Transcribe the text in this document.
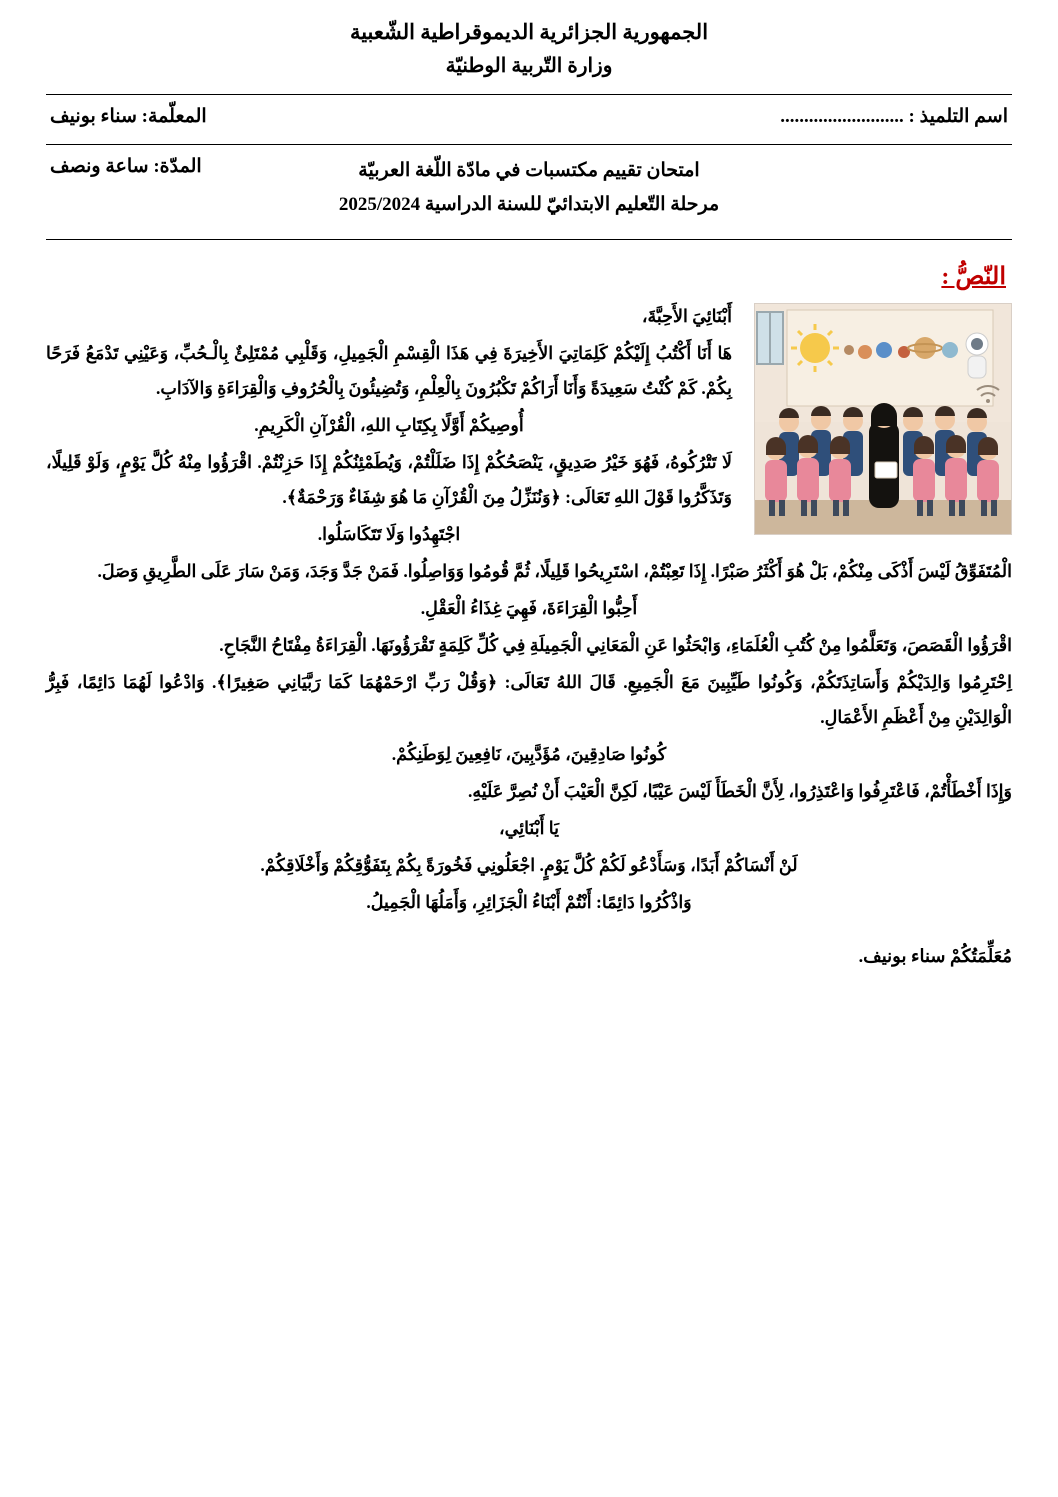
الجمهورية الجزائرية الديموقراطية الشّعبية
وزارة التّربية الوطنيّة
اسم التلميذ : ..........................
المعلّمة: سناء بونيف
المدّة: ساعة ونصف	امتحان تقييم مكتسبات في مادّة اللّغة العربيّة
مرحلة التّعليم الابتدائيّ للسنة الدراسية 2025/2024
النّصُّ :

أَبْنَائِيَ الأَحِبَّةَ،

هَا أَنَا أَكْتُبُ إِلَيْكُمْ كَلِمَاتِيَ الأَخِيرَةَ فِي هَذَا الْقِسْمِ الْجَمِيلِ، وَقَلْبِي مُمْتَلِئٌ بِالْـحُبِّ، وَعَيْنِي تَدْمَعُ فَرَحًا بِكُمْ. كَمْ كُنْتُ سَعِيدَةً وَأَنَا أَرَاكُمْ تَكْبُرُونَ بِالْعِلْمِ، وَتُضِيئُونَ بِالْحُرُوفِ وَالْقِرَاءَةِ وَالآدَابِ.

أُوصِيكُمْ أَوَّلًا بِكِتَابِ اللهِ، الْقُرْآنِ الْكَرِيمِ.

لَا تَتْرُكُوهُ، فَهُوَ خَيْرُ صَدِيقٍ، يَنْصَحُكُمْ إِذَا ضَلَلْتُمْ، وَيُطَمْئِنُكُمْ إِذَا حَزِنْتُمْ. اقْرَؤُوا مِنْهُ كُلَّ يَوْمٍ، وَلَوْ قَلِيلًا، وَتَذَكَّرُوا قَوْلَ اللهِ تَعَالَى: ﴿وَنُنَزِّلُ مِنَ الْقُرْآنِ مَا هُوَ شِفَاءٌ وَرَحْمَةٌ﴾.

اجْتَهِدُوا وَلَا تَتَكَاسَلُوا.

الْمُتَفَوِّقُ لَيْسَ أَذْكَى مِنْكُمْ، بَلْ هُوَ أَكْثَرُ صَبْرًا. إِذَا تَعِبْتُمْ، اسْتَرِيحُوا قَلِيلًا، ثُمَّ قُومُوا وَوَاصِلُوا. فَمَنْ جَدَّ وَجَدَ، وَمَنْ سَارَ عَلَى الطَّرِيقِ وَصَلَ.

أَحِبُّوا الْقِرَاءَةَ، فَهِيَ غِذَاءُ الْعَقْلِ.

اقْرَؤُوا الْقَصَصَ، وَتَعَلَّمُوا مِنْ كُتُبِ الْعُلَمَاءِ، وَابْحَثُوا عَنِ الْمَعَانِي الْجَمِيلَةِ فِي كُلِّ كَلِمَةٍ تَقْرَؤُونَهَا. الْقِرَاءَةُ مِفْتَاحُ النَّجَاحِ.

اِحْتَرِمُوا وَالِدَيْكُمْ وَأَسَاتِذَتَكُمْ، وَكُونُوا طَيِّبِينَ مَعَ الْجَمِيعِ. قَالَ اللهُ تَعَالَى: ﴿وَقُلْ رَبِّ ارْحَمْهُمَا كَمَا رَبَّيَانِي صَغِيرًا﴾. وَادْعُوا لَهُمَا دَائِمًا، فَبِرُّ الْوَالِدَيْنِ مِنْ أَعْظَمِ الأَعْمَالِ.

كُونُوا صَادِقِينَ، مُؤَدَّبِينَ، نَافِعِينَ لِوَطَنِكُمْ.

وَإِذَا أَخْطَأْتُمْ، فَاعْتَرِفُوا وَاعْتَذِرُوا، لِأَنَّ الْخَطَأَ لَيْسَ عَيْبًا، لَكِنَّ الْعَيْبَ أَنْ نُصِرَّ عَلَيْهِ.

يَا أَبْنَائِي،

لَنْ أَنْسَاكُمْ أَبَدًا، وَسَأَدْعُو لَكُمْ كُلَّ يَوْمٍ. اجْعَلُونِي فَخُورَةً بِكُمْ بِتَفَوُّقِكُمْ وَأَخْلَاقِكُمْ.

وَاذْكُرُوا دَائِمًا: أَنْتُمْ أَبْنَاءُ الْجَزَائِرِ، وَأَمَلُهَا الْجَمِيلُ.

مُعَلِّمَتُكُمْ سناء بونيف.
